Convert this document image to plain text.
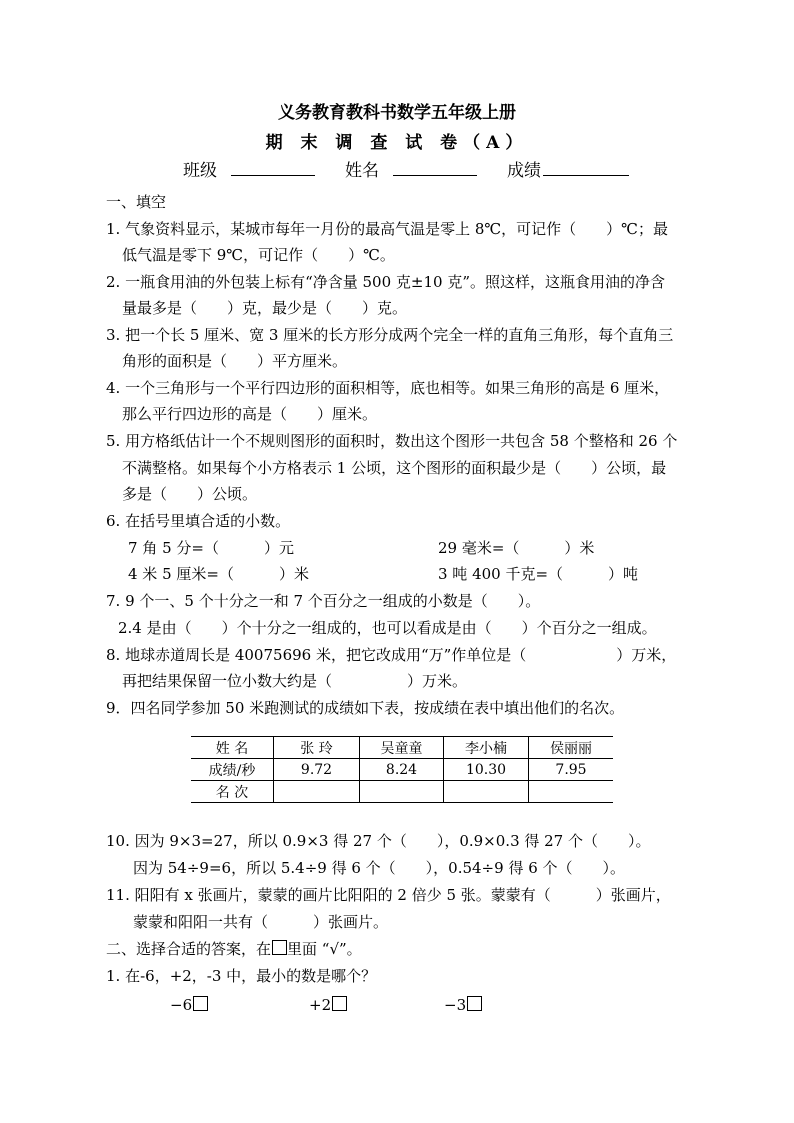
义务教育教科书数学五年级上册
期 末 调 查 试 卷（A）
班级	姓名	成绩
一、填空
1. 气象资料显示，某城市每年一月份的最高气温是零上 8℃，可记作（　　）℃；最
低气温是零下 9℃，可记作（　　）℃。
2. 一瓶食用油的外包装上标有“净含量 500 克±10 克”。照这样，这瓶食用油的净含
量最多是（　　）克，最少是（　　）克。
3. 把一个长 5 厘米、宽 3 厘米的长方形分成两个完全一样的直角三角形，每个直角三
角形的面积是（　　）平方厘米。
4. 一个三角形与一个平行四边形的面积相等，底也相等。如果三角形的高是 6 厘米，
那么平行四边形的高是（　　）厘米。
5. 用方格纸估计一个不规则图形的面积时，数出这个图形一共包含 58 个整格和 26 个
不满整格。如果每个小方格表示 1 公顷，这个图形的面积最少是（　　）公顷，最
多是（　　）公顷。
6. 在括号里填合适的小数。
7 角 5 分=（　　　）元	29 毫米=（　　　）米
4 米 5 厘米=（　　　）米	3 吨 400 千克=（　　　）吨
7. 9 个一、5 个十分之一和 7 个百分之一组成的小数是（　　）。
2.4 是由（　　）个十分之一组成的，也可以看成是由（　　）个百分之一组成。
8. 地球赤道周长是 40075696 米，把它改成用“万”作单位是（　　　　　　）万米，
再把结果保留一位小数大约是（　　　　　）万米。
9．四名同学参加 50 米跑测试的成绩如下表，按成绩在表中填出他们的名次。
姓 名	张 玲	吴童童	李小楠	侯丽丽
成绩/秒	9.72	8.24	10.30	7.95
名 次				
10. 因为 9×3=27，所以 0.9×3 得 27 个（　　），0.9×0.3 得 27 个（　　）。
因为 54÷9=6，所以 5.4÷9 得 6 个（　　），0.54÷9 得 6 个（　　）。
11. 阳阳有 x 张画片，蒙蒙的画片比阳阳的 2 倍少 5 张。蒙蒙有（　　　）张画片，
蒙蒙和阳阳一共有（　　　）张画片。
二、选择合适的答案，在 里面 “√”。
1. 在-6，+2，-3 中，最小的数是哪个？
−6	+2	−3
